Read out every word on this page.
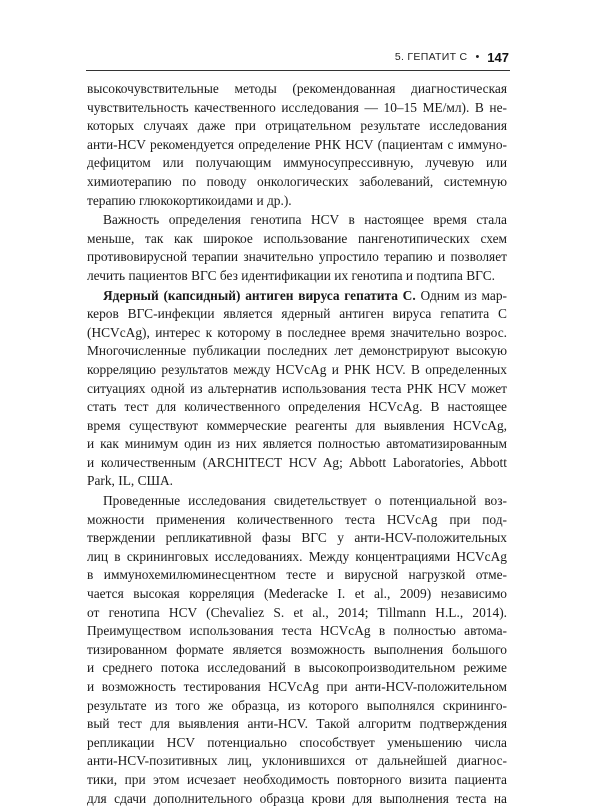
5. ГЕПАТИТ С • 147
высокочувствительные методы (рекомендованная диагностическая
чувствительность качественного исследования — 10–15 МЕ/мл). В не-
которых случаях даже при отрицательном результате исследования
анти-HCV рекомендуется определение РНК HCV (пациентам с иммуно-
дефицитом или получающим иммуносупрессивную, лучевую или
химиотерапию по поводу онкологических заболеваний, системную
терапию глюкокортикоидами и др.).
Важность определения генотипа HCV в настоящее время стала
меньше, так как широкое использование пангенотипических схем
противовирусной терапии значительно упростило терапию и позволяет
лечить пациентов ВГС без идентификации их генотипа и подтипа ВГС.
Ядерный (капсидный) антиген вируса гепатита С. Одним из мар-
керов ВГС-инфекции является ядерный антиген вируса гепатита С
(HCVcAg), интерес к которому в последнее время значительно возрос.
Многочисленные публикации последних лет демонстрируют высокую
корреляцию результатов между HCVcAg и РНК HCV. В определенных
ситуациях одной из альтернатив использования теста РНК HCV может
стать тест для количественного определения HCVcAg. В настоящее
время существуют коммерческие реагенты для выявления HCVcAg,
и как минимум один из них является полностью автоматизированным
и количественным (ARCHITECT HCV Ag; Abbott Laboratories, Abbott
Park, IL, США.
Проведенные исследования свидетельствует о потенциальной воз-
можности применения количественного теста HCVcAg при под-
тверждении репликативной фазы ВГС у анти-HCV-положительных
лиц в скрининговых исследованиях. Между концентрациями HCVcAg
в иммунохемилюминесцентном тесте и вирусной нагрузкой отме-
чается высокая корреляция (Mederacke I. et al., 2009) независимо
от генотипа HCV (Chevaliez S. et al., 2014; Tillmann H.L., 2014).
Преимуществом использования теста HCVcAg в полностью автома-
тизированном формате является возможность выполнения большого
и среднего потока исследований в высокопроизводительном режиме
и возможность тестирования HCVcAg при анти-HCV-положительном
результате из того же образца, из которого выполнялся скрининго-
вый тест для выявления анти-HCV. Такой алгоритм подтверждения
репликации HCV потенциально способствует уменьшению числа
анти-HCV-позитивных лиц, уклонившихся от дальнейшей диагнос-
тики, при этом исчезает необходимость повторного визита пациента
для сдачи дополнительного образца крови для выполнения теста на
